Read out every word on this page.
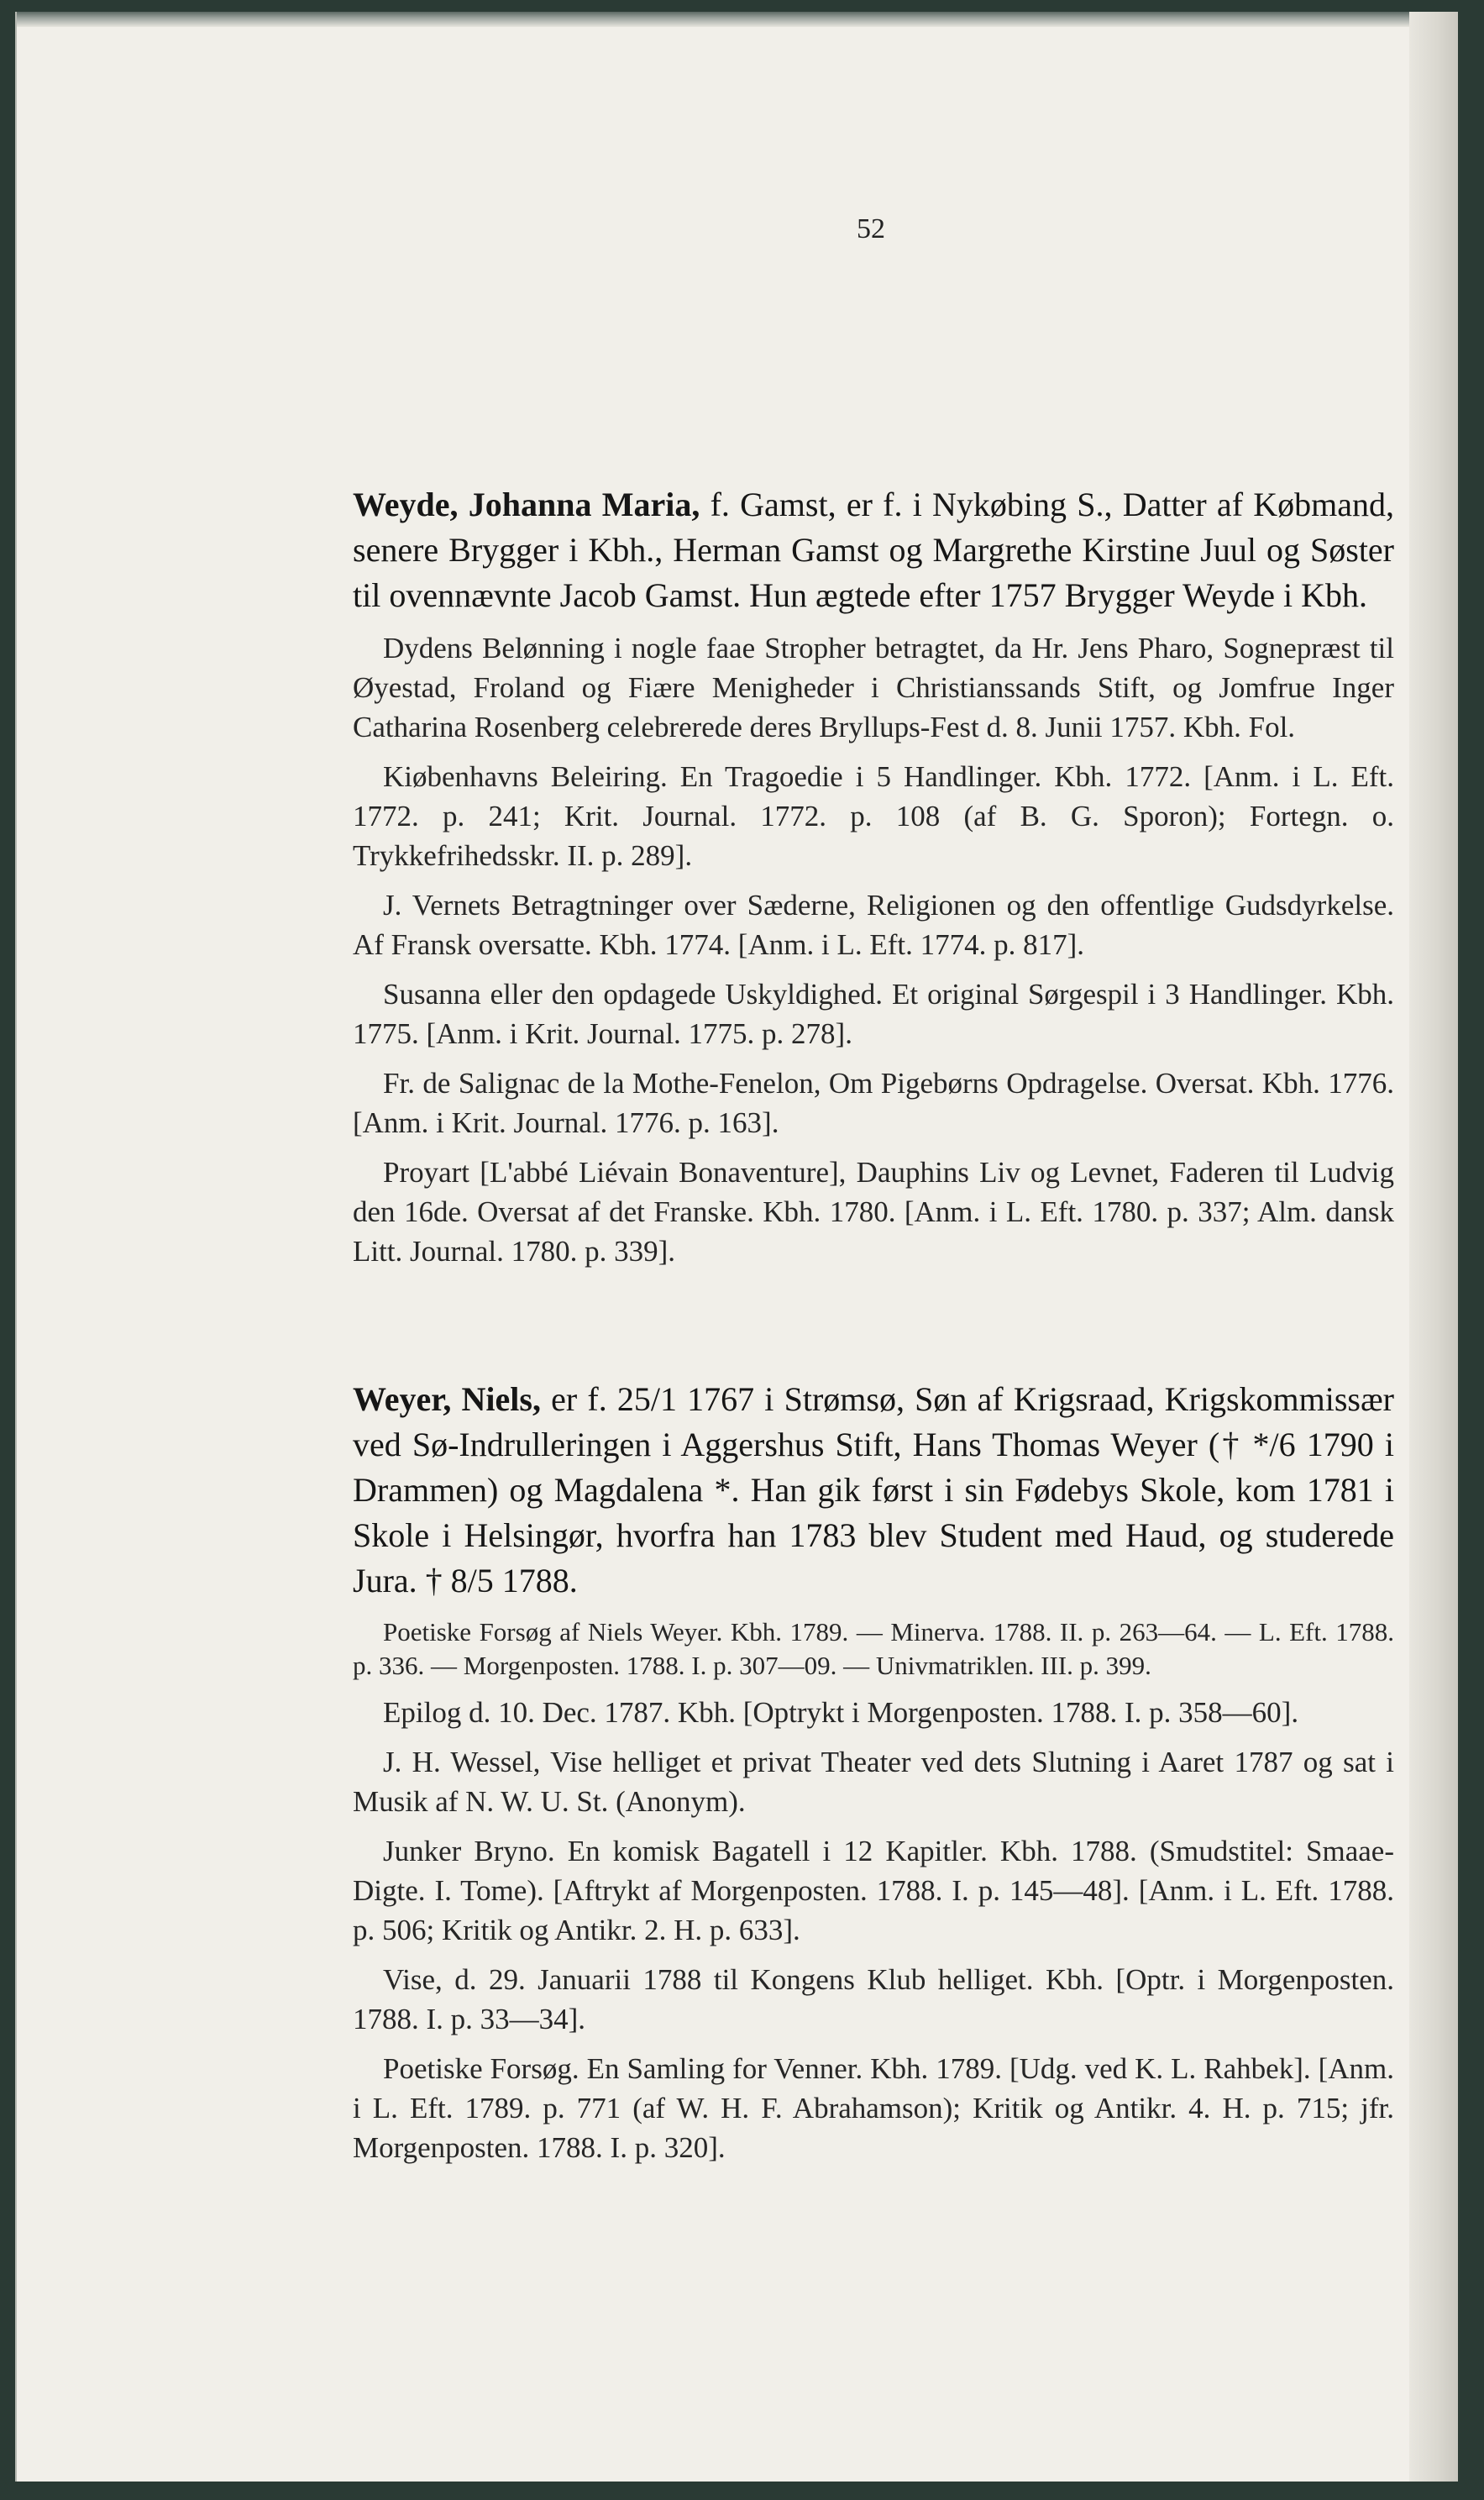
52

Weyde, Johanna Maria, f. Gamst, er f. i Nykøbing S., Datter af Købmand, senere Brygger i Kbh., Herman Gamst og Margrethe Kirstine Juul og Søster til ovennævnte Jacob Gamst. Hun ægtede efter 1757 Brygger Weyde i Kbh.

Dydens Belønning i nogle faae Stropher betragtet, da Hr. Jens Pharo, Sognepræst til Øyestad, Froland og Fiære Menigheder i Christianssands Stift, og Jomfrue Inger Catharina Rosenberg celebrerede deres Bryllups-Fest d. 8. Junii 1757. Kbh. Fol.

Kiøbenhavns Beleiring. En Tragoedie i 5 Handlinger. Kbh. 1772. [Anm. i L. Eft. 1772. p. 241; Krit. Journal. 1772. p. 108 (af B. G. Sporon); Fortegn. o. Trykkefrihedsskr. II. p. 289].

J. Vernets Betragtninger over Sæderne, Religionen og den offentlige Gudsdyrkelse. Af Fransk oversatte. Kbh. 1774. [Anm. i L. Eft. 1774. p. 817].

Susanna eller den opdagede Uskyldighed. Et original Sørgespil i 3 Handlinger. Kbh. 1775. [Anm. i Krit. Journal. 1775. p. 278].

Fr. de Salignac de la Mothe-Fenelon, Om Pigebørns Opdragelse. Oversat. Kbh. 1776. [Anm. i Krit. Journal. 1776. p. 163].

Proyart [L'abbé Liévain Bonaventure], Dauphins Liv og Levnet, Faderen til Ludvig den 16de. Oversat af det Franske. Kbh. 1780. [Anm. i L. Eft. 1780. p. 337; Alm. dansk Litt. Journal. 1780. p. 339].

Weyer, Niels, er f. 25/1 1767 i Strømsø, Søn af Krigsraad, Krigskommissær ved Sø-Indrulleringen i Aggershus Stift, Hans Thomas Weyer († */6 1790 i Drammen) og Magdalena *. Han gik først i sin Fødebys Skole, kom 1781 i Skole i Helsingør, hvorfra han 1783 blev Student med Haud, og studerede Jura. † 8/5 1788.

Poetiske Forsøg af Niels Weyer. Kbh. 1789. — Minerva. 1788. II. p. 263—64. — L. Eft. 1788. p. 336. — Morgenposten. 1788. I. p. 307—09. — Univmatriklen. III. p. 399.

Epilog d. 10. Dec. 1787. Kbh. [Optrykt i Morgenposten. 1788. I. p. 358—60].

J. H. Wessel, Vise helliget et privat Theater ved dets Slutning i Aaret 1787 og sat i Musik af N. W. U. St. (Anonym).

Junker Bryno. En komisk Bagatell i 12 Kapitler. Kbh. 1788. (Smudstitel: Smaae-Digte. I. Tome). [Aftrykt af Morgenposten. 1788. I. p. 145—48]. [Anm. i L. Eft. 1788. p. 506; Kritik og Antikr. 2. H. p. 633].

Vise, d. 29. Januarii 1788 til Kongens Klub helliget. Kbh. [Optr. i Morgenposten. 1788. I. p. 33—34].

Poetiske Forsøg. En Samling for Venner. Kbh. 1789. [Udg. ved K. L. Rahbek]. [Anm. i L. Eft. 1789. p. 771 (af W. H. F. Abrahamson); Kritik og Antikr. 4. H. p. 715; jfr. Morgenposten. 1788. I. p. 320].
